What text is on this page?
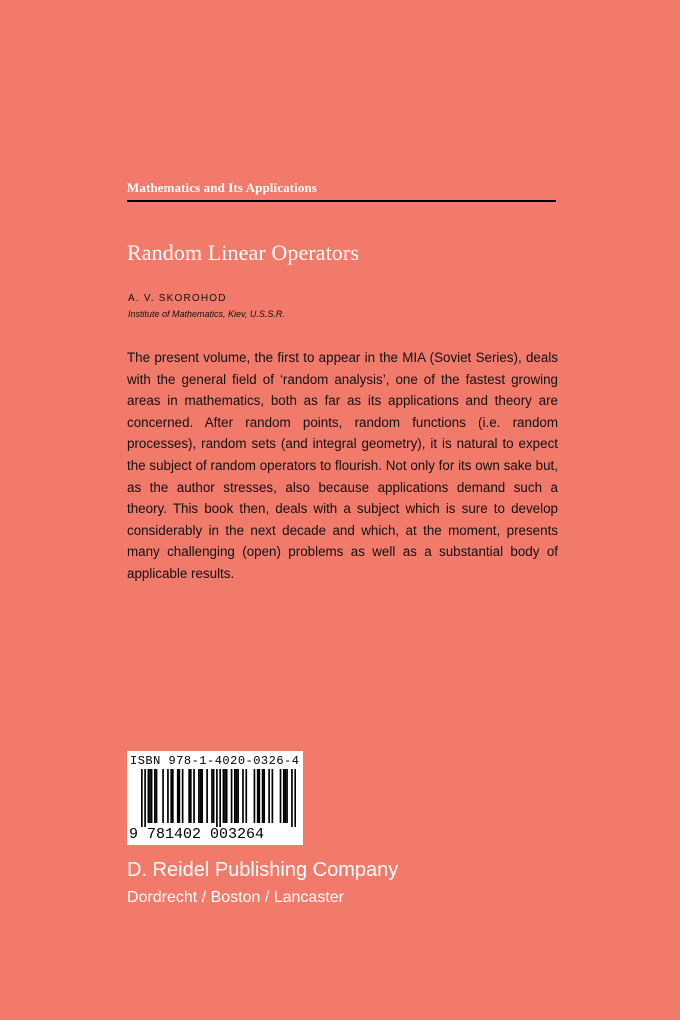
Mathematics and Its Applications
Random Linear Operators
A. V. SKOROHOD
Institute of Mathematics, Kiev, U.S.S.R.
The present volume, the first to appear in the MIA (Soviet Series), deals with the general field of ‘random analysis’, one of the fastest growing areas in mathematics, both as far as its applications and theory are concerned. After random points, random functions (i.e. random processes), random sets (and integral geometry), it is natural to expect the subject of random operators to flourish. Not only for its own sake but, as the author stresses, also because applications demand such a theory. This book then, deals with a subject which is sure to develop considerably in the next decade and which, at the moment, presents many challenging (open) problems as well as a substantial body of applicable results.
ISBN 978-1-4020-0326-4
9 781402 003264
D. Reidel Publishing Company
Dordrecht / Boston / Lancaster
